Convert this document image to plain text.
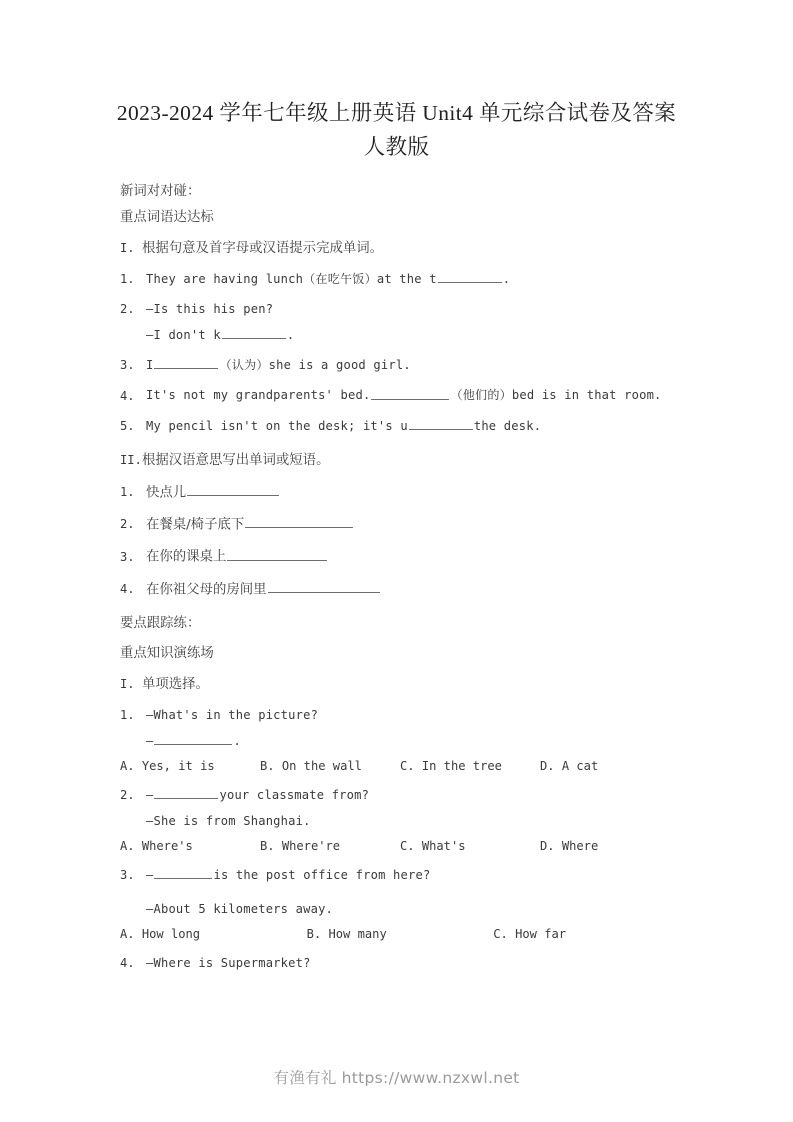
2023-2024 学年七年级上册英语 Unit4 单元综合试卷及答案
人教版
新词对对碰：
重点词语达达标
I. 根据句意及首字母或汉语提示完成单词。
1. They are having lunch（在吃午饭）at the t	.
2. —Is this his pen?
—I don't k	.
3. I	（认为）she is a good girl.
4. It's not my grandparents' bed.	（他们的）bed is in that room.
5. My pencil isn't on the desk; it's u	the desk.
II. 根据汉语意思写出单词或短语。
1. 快点儿
2. 在餐桌/椅子底下
3. 在你的课桌上
4. 在你祖父母的房间里
要点跟踪练：
重点知识演练场
I. 单项选择。
1. —What's in the picture?
—	.
A. Yes, it is	B. On the wall	C. In the tree	D. A cat
2. —	your classmate from?
—She is from Shanghai.
A. Where's	B. Where're	C. What's	D. Where
3. —	is the post office from here?
—About 5 kilometers away.
A. How long	B. How many	C. How far
4. —Where is Supermarket?
有渔有礼 https://www.nzxwl.net
